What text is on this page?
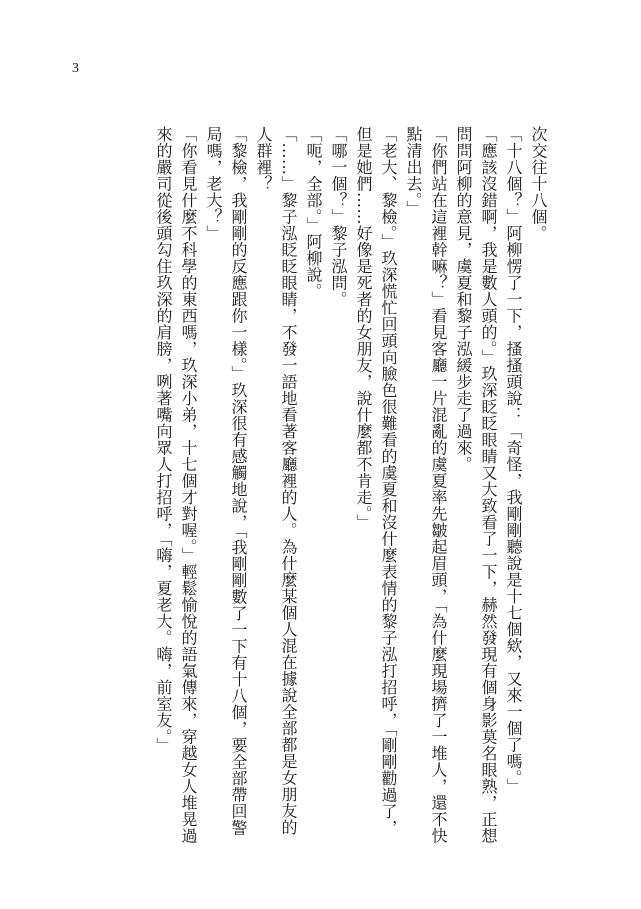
3

次交往十八個。

「十八個？」阿柳愣了一下，搔搔頭說：「奇怪，我剛剛聽說是十七個欸，又來一個了嗎。」

「應該沒錯啊，我是數人頭的。」玖深眨眨眼睛又大致看了一下，赫然發現有個身影莫名眼熟，正想問問阿柳的意見，虞夏和黎子泓緩步走了過來。

「你們站在這裡幹嘛？」看見客廳一片混亂的虞夏率先皺起眉頭，「為什麼現場擠了一堆人，還不快點清出去。」

「老大、黎檢。」玖深慌忙回頭向臉色很難看的虞夏和沒什麼表情的黎子泓打招呼，「剛剛勸過了，但是她們……好像是死者的女朋友，說什麼都不肯走。」

「哪一個？」黎子泓問。

「呃，全部。」阿柳說。

「……」黎子泓眨眨眼睛，不發一語地看著客廳裡的人。為什麼某個人混在據說全部都是女朋友的人群裡？

「黎檢，我剛剛的反應跟你一樣。」玖深很有感觸地說，「我剛剛數了一下有十八個，要全部帶回警局嗎，老大？」

「你看見什麼不科學的東西嗎，玖深小弟，十七個才對喔。」輕鬆愉悅的語氣傳來，穿越女人堆晃過來的嚴司從後頭勾住玖深的肩膀，咧著嘴向眾人打招呼，「嗨，夏老大。嗨，前室友。」
